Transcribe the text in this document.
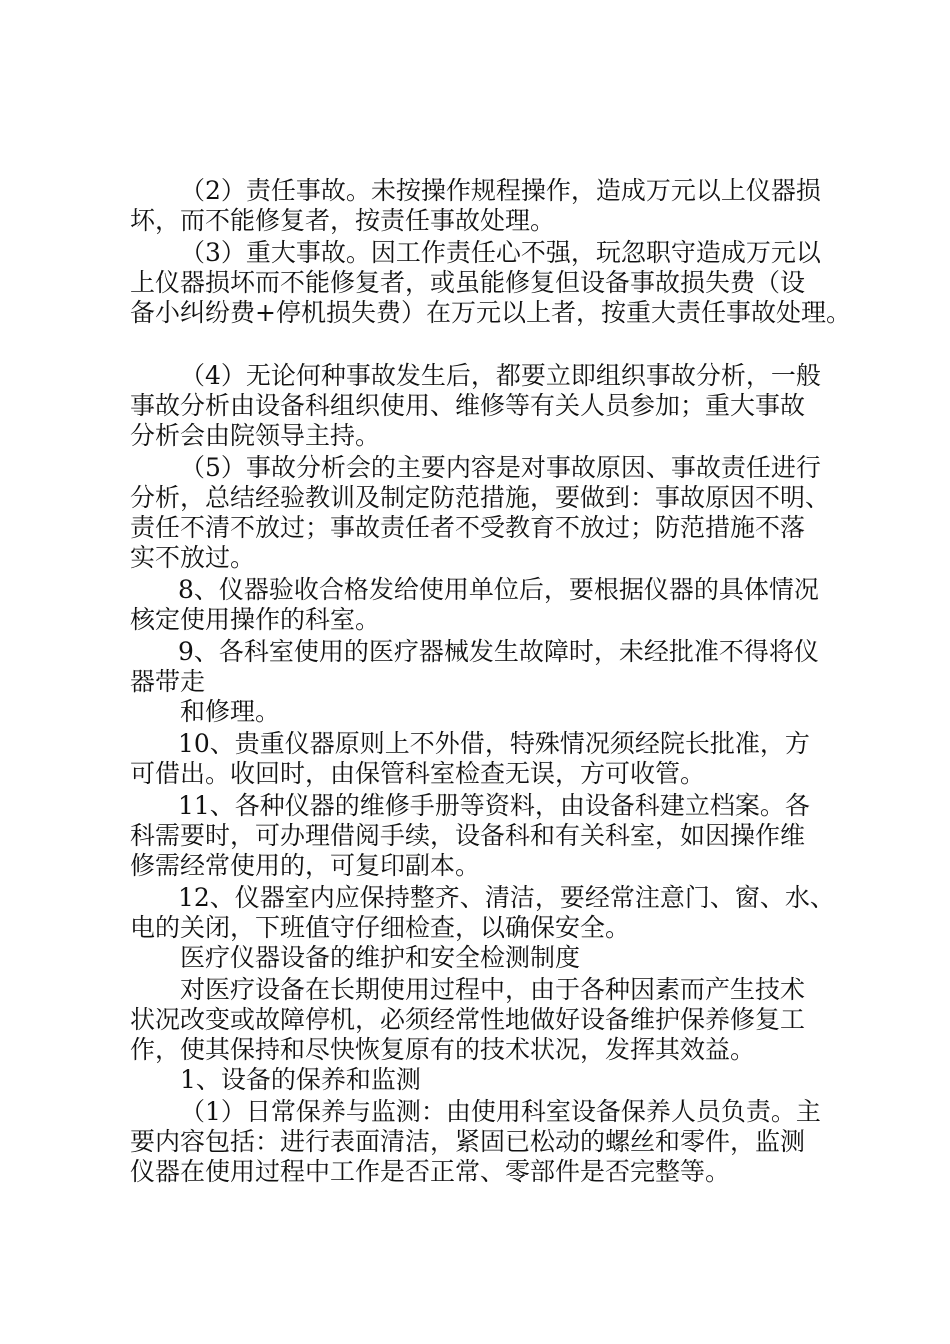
（2）责任事故。未按操作规程操作，造成万元以上仪器损
坏，而不能修复者，按责任事故处理。
（3）重大事故。因工作责任心不强，玩忽职守造成万元以
上仪器损坏而不能修复者，或虽能修复但设备事故损失费（设
备小纠纷费+停机损失费）在万元以上者，按重大责任事故处理。
（4）无论何种事故发生后，都要立即组织事故分析，一般
事故分析由设备科组织使用、维修等有关人员参加；重大事故
分析会由院领导主持。
（5）事故分析会的主要内容是对事故原因、事故责任进行
分析，总结经验教训及制定防范措施，要做到：事故原因不明、
责任不清不放过；事故责任者不受教育不放过；防范措施不落
实不放过。
8、仪器验收合格发给使用单位后，要根据仪器的具体情况
核定使用操作的科室。
9、各科室使用的医疗器械发生故障时，未经批准不得将仪
器带走
和修理。
10、贵重仪器原则上不外借，特殊情况须经院长批准，方
可借出。收回时，由保管科室检查无误，方可收管。
11、各种仪器的维修手册等资料，由设备科建立档案。各
科需要时，可办理借阅手续，设备科和有关科室，如因操作维
修需经常使用的，可复印副本。
12、仪器室内应保持整齐、清洁，要经常注意门、窗、水、
电的关闭，下班值守仔细检查，以确保安全。
医疗仪器设备的维护和安全检测制度
对医疗设备在长期使用过程中，由于各种因素而产生技术
状况改变或故障停机，必须经常性地做好设备维护保养修复工
作，使其保持和尽快恢复原有的技术状况，发挥其效益。
1、设备的保养和监测
（1）日常保养与监测：由使用科室设备保养人员负责。主
要内容包括：进行表面清洁，紧固已松动的螺丝和零件，监测
仪器在使用过程中工作是否正常、零部件是否完整等。
